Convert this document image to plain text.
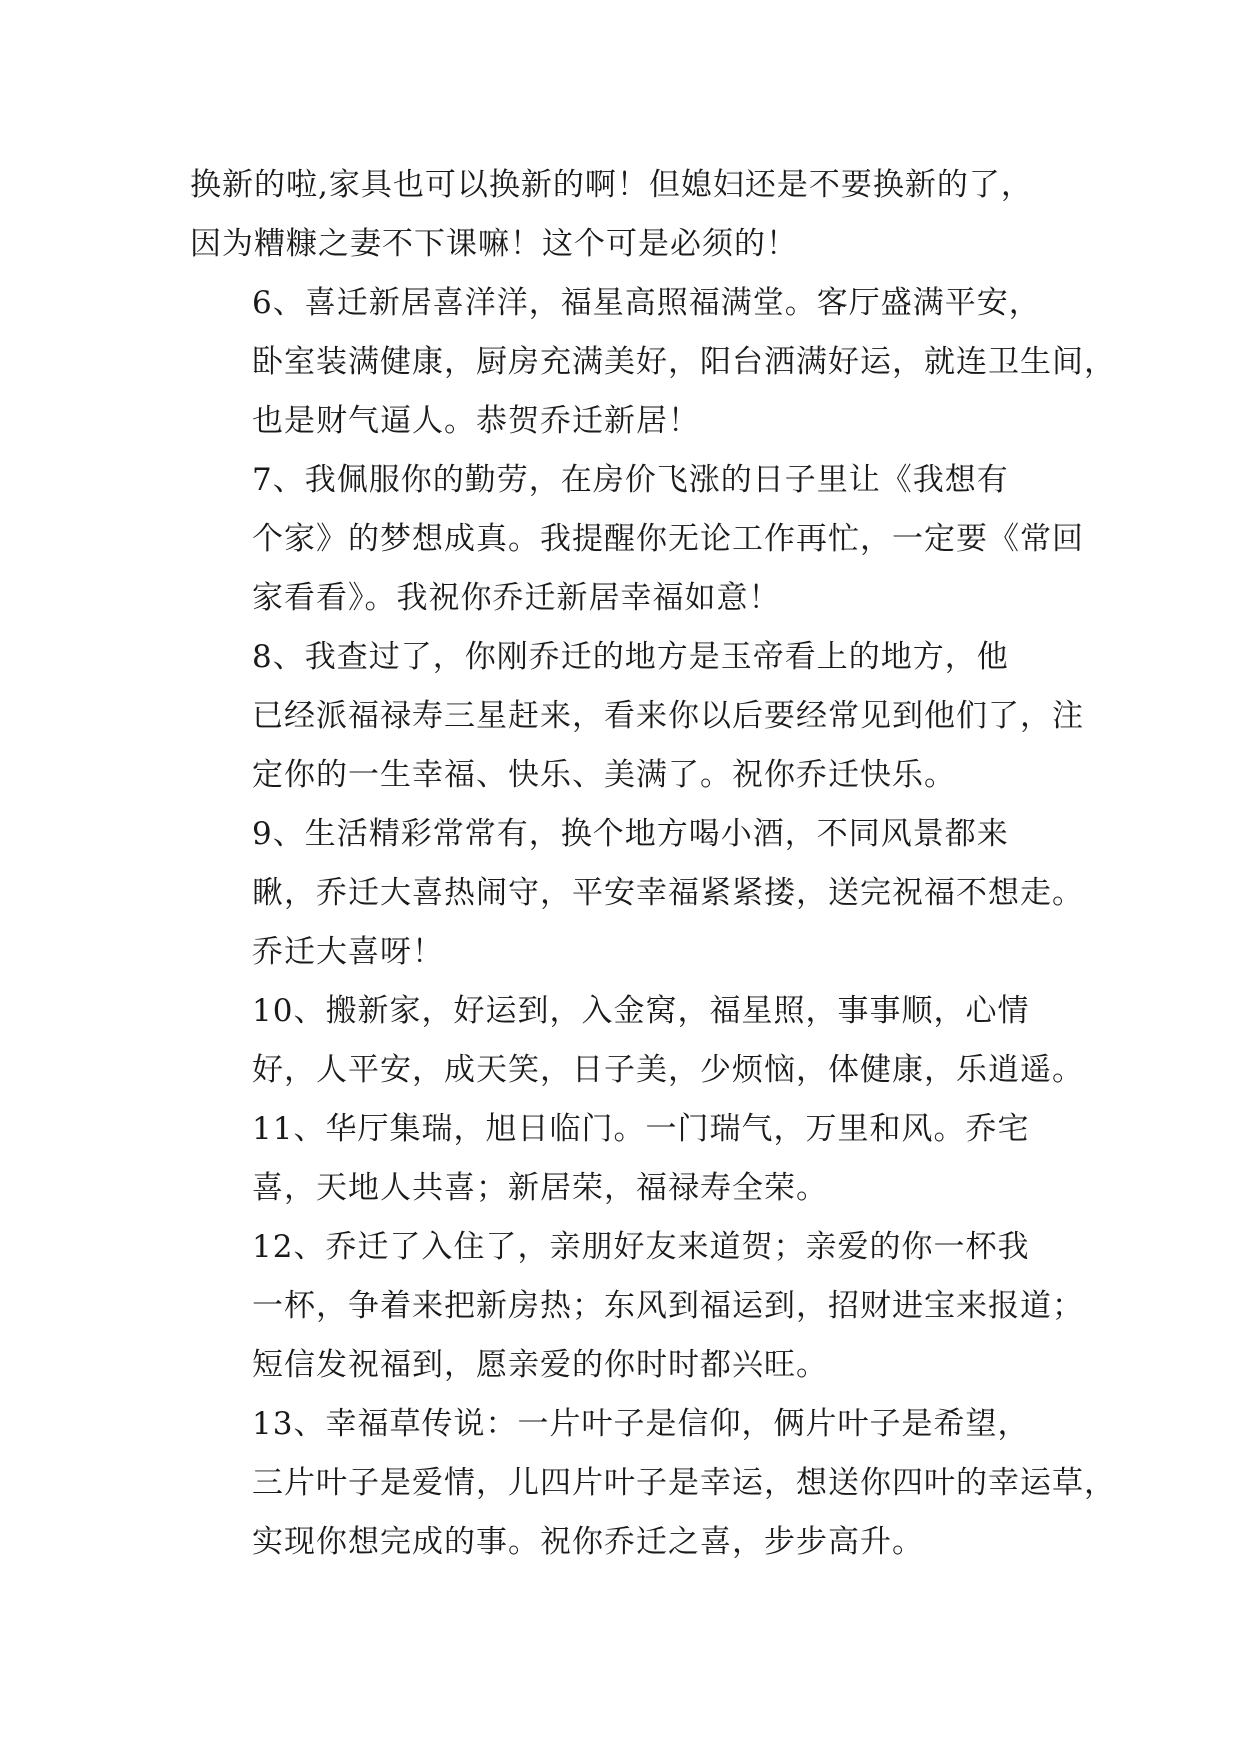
换新的啦,家具也可以换新的啊！但媳妇还是不要换新的了，
因为糟糠之妻不下课嘛！这个可是必须的！

6、喜迁新居喜洋洋，福星高照福满堂。客厅盛满平安，
卧室装满健康，厨房充满美好，阳台洒满好运，就连卫生间，
也是财气逼人。恭贺乔迁新居！

7、我佩服你的勤劳，在房价飞涨的日子里让《我想有
个家》的梦想成真。我提醒你无论工作再忙，一定要《常回
家看看》。我祝你乔迁新居幸福如意！

8、我查过了，你刚乔迁的地方是玉帝看上的地方，他
已经派福禄寿三星赶来，看来你以后要经常见到他们了，注
定你的一生幸福、快乐、美满了。祝你乔迁快乐。

9、生活精彩常常有，换个地方喝小酒，不同风景都来
瞅，乔迁大喜热闹守，平安幸福紧紧搂，送完祝福不想走。
乔迁大喜呀！

10、搬新家，好运到，入金窝，福星照，事事顺，心情
好，人平安，成天笑，日子美，少烦恼，体健康，乐逍遥。

11、华厅集瑞，旭日临门。一门瑞气，万里和风。乔宅
喜，天地人共喜；新居荣，福禄寿全荣。

12、乔迁了入住了，亲朋好友来道贺；亲爱的你一杯我
一杯，争着来把新房热；东风到福运到，招财进宝来报道；
短信发祝福到，愿亲爱的你时时都兴旺。

13、幸福草传说：一片叶子是信仰，俩片叶子是希望，
三片叶子是爱情，儿四片叶子是幸运，想送你四叶的幸运草，
实现你想完成的事。祝你乔迁之喜，步步高升。
